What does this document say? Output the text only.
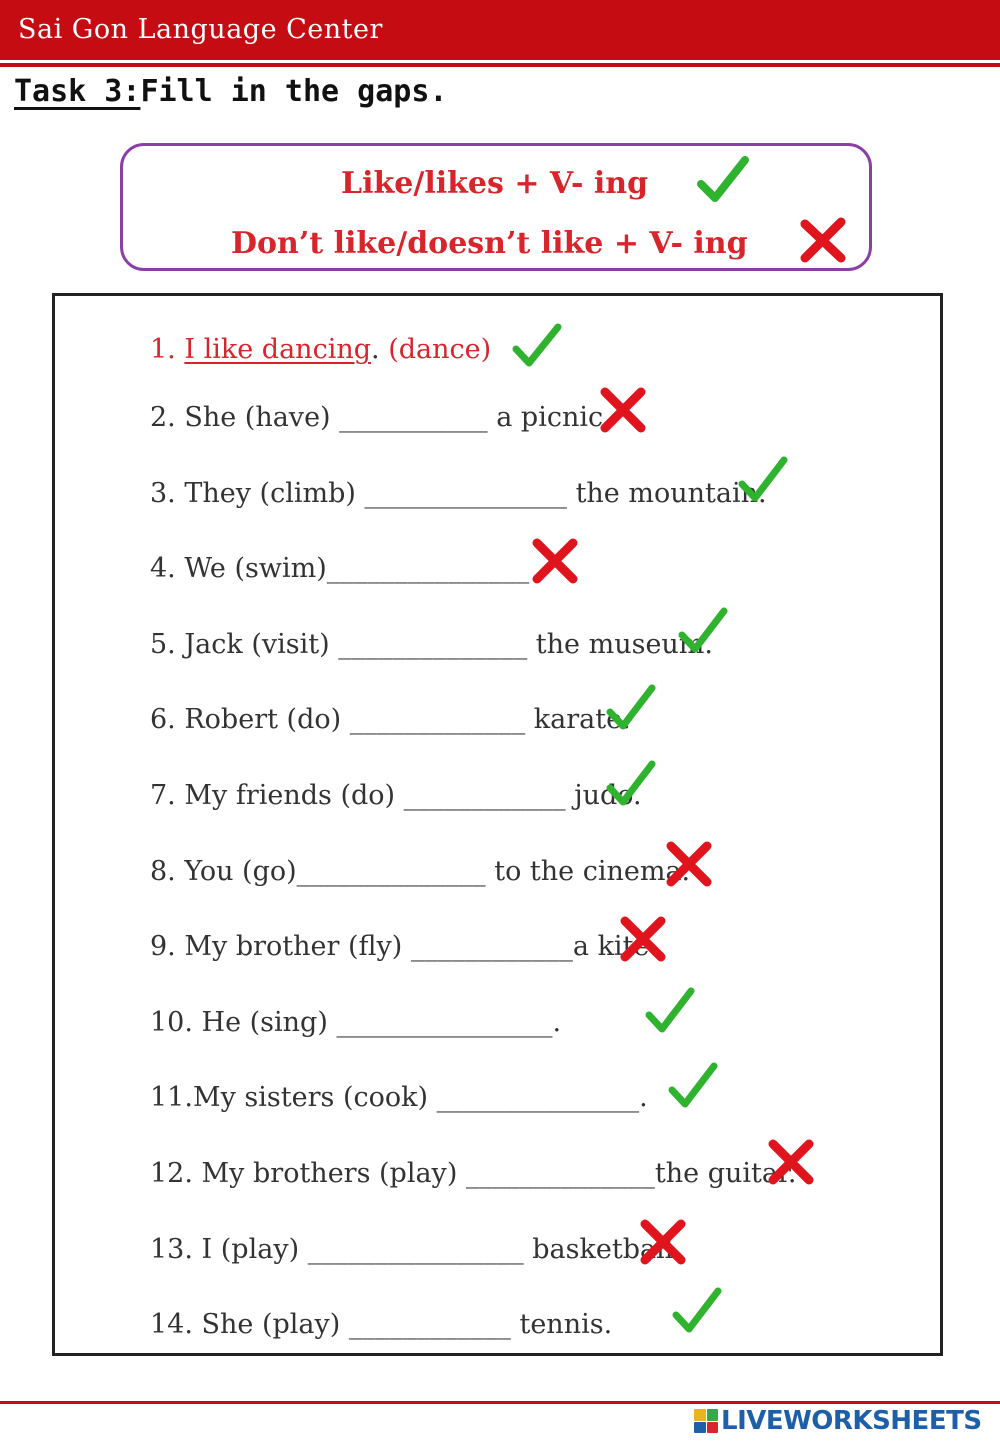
Sai Gon Language Center
Task 3:Fill in the gaps.
Like/likes + V- ing
Don’t like/doesn’t like + V- ing
1. I like dancing. (dance)
2. She (have) ___________ a picnic.
3. They (climb) _______________ the mountain.
4. We (swim)_______________ .
5. Jack (visit) ______________ the museum.
6. Robert (do) _____________ karate.
7. My friends (do) ____________ judo.
8. You (go)______________ to the cinema.
9. My brother (fly) ____________a kite.
10. He (sing) ________________.
11.My sisters (cook) _______________.
12. My brothers (play) ______________the guitar.
13. I (play) ________________ basketball.
14. She (play) ____________ tennis.
LIVEWORKSHEETS
